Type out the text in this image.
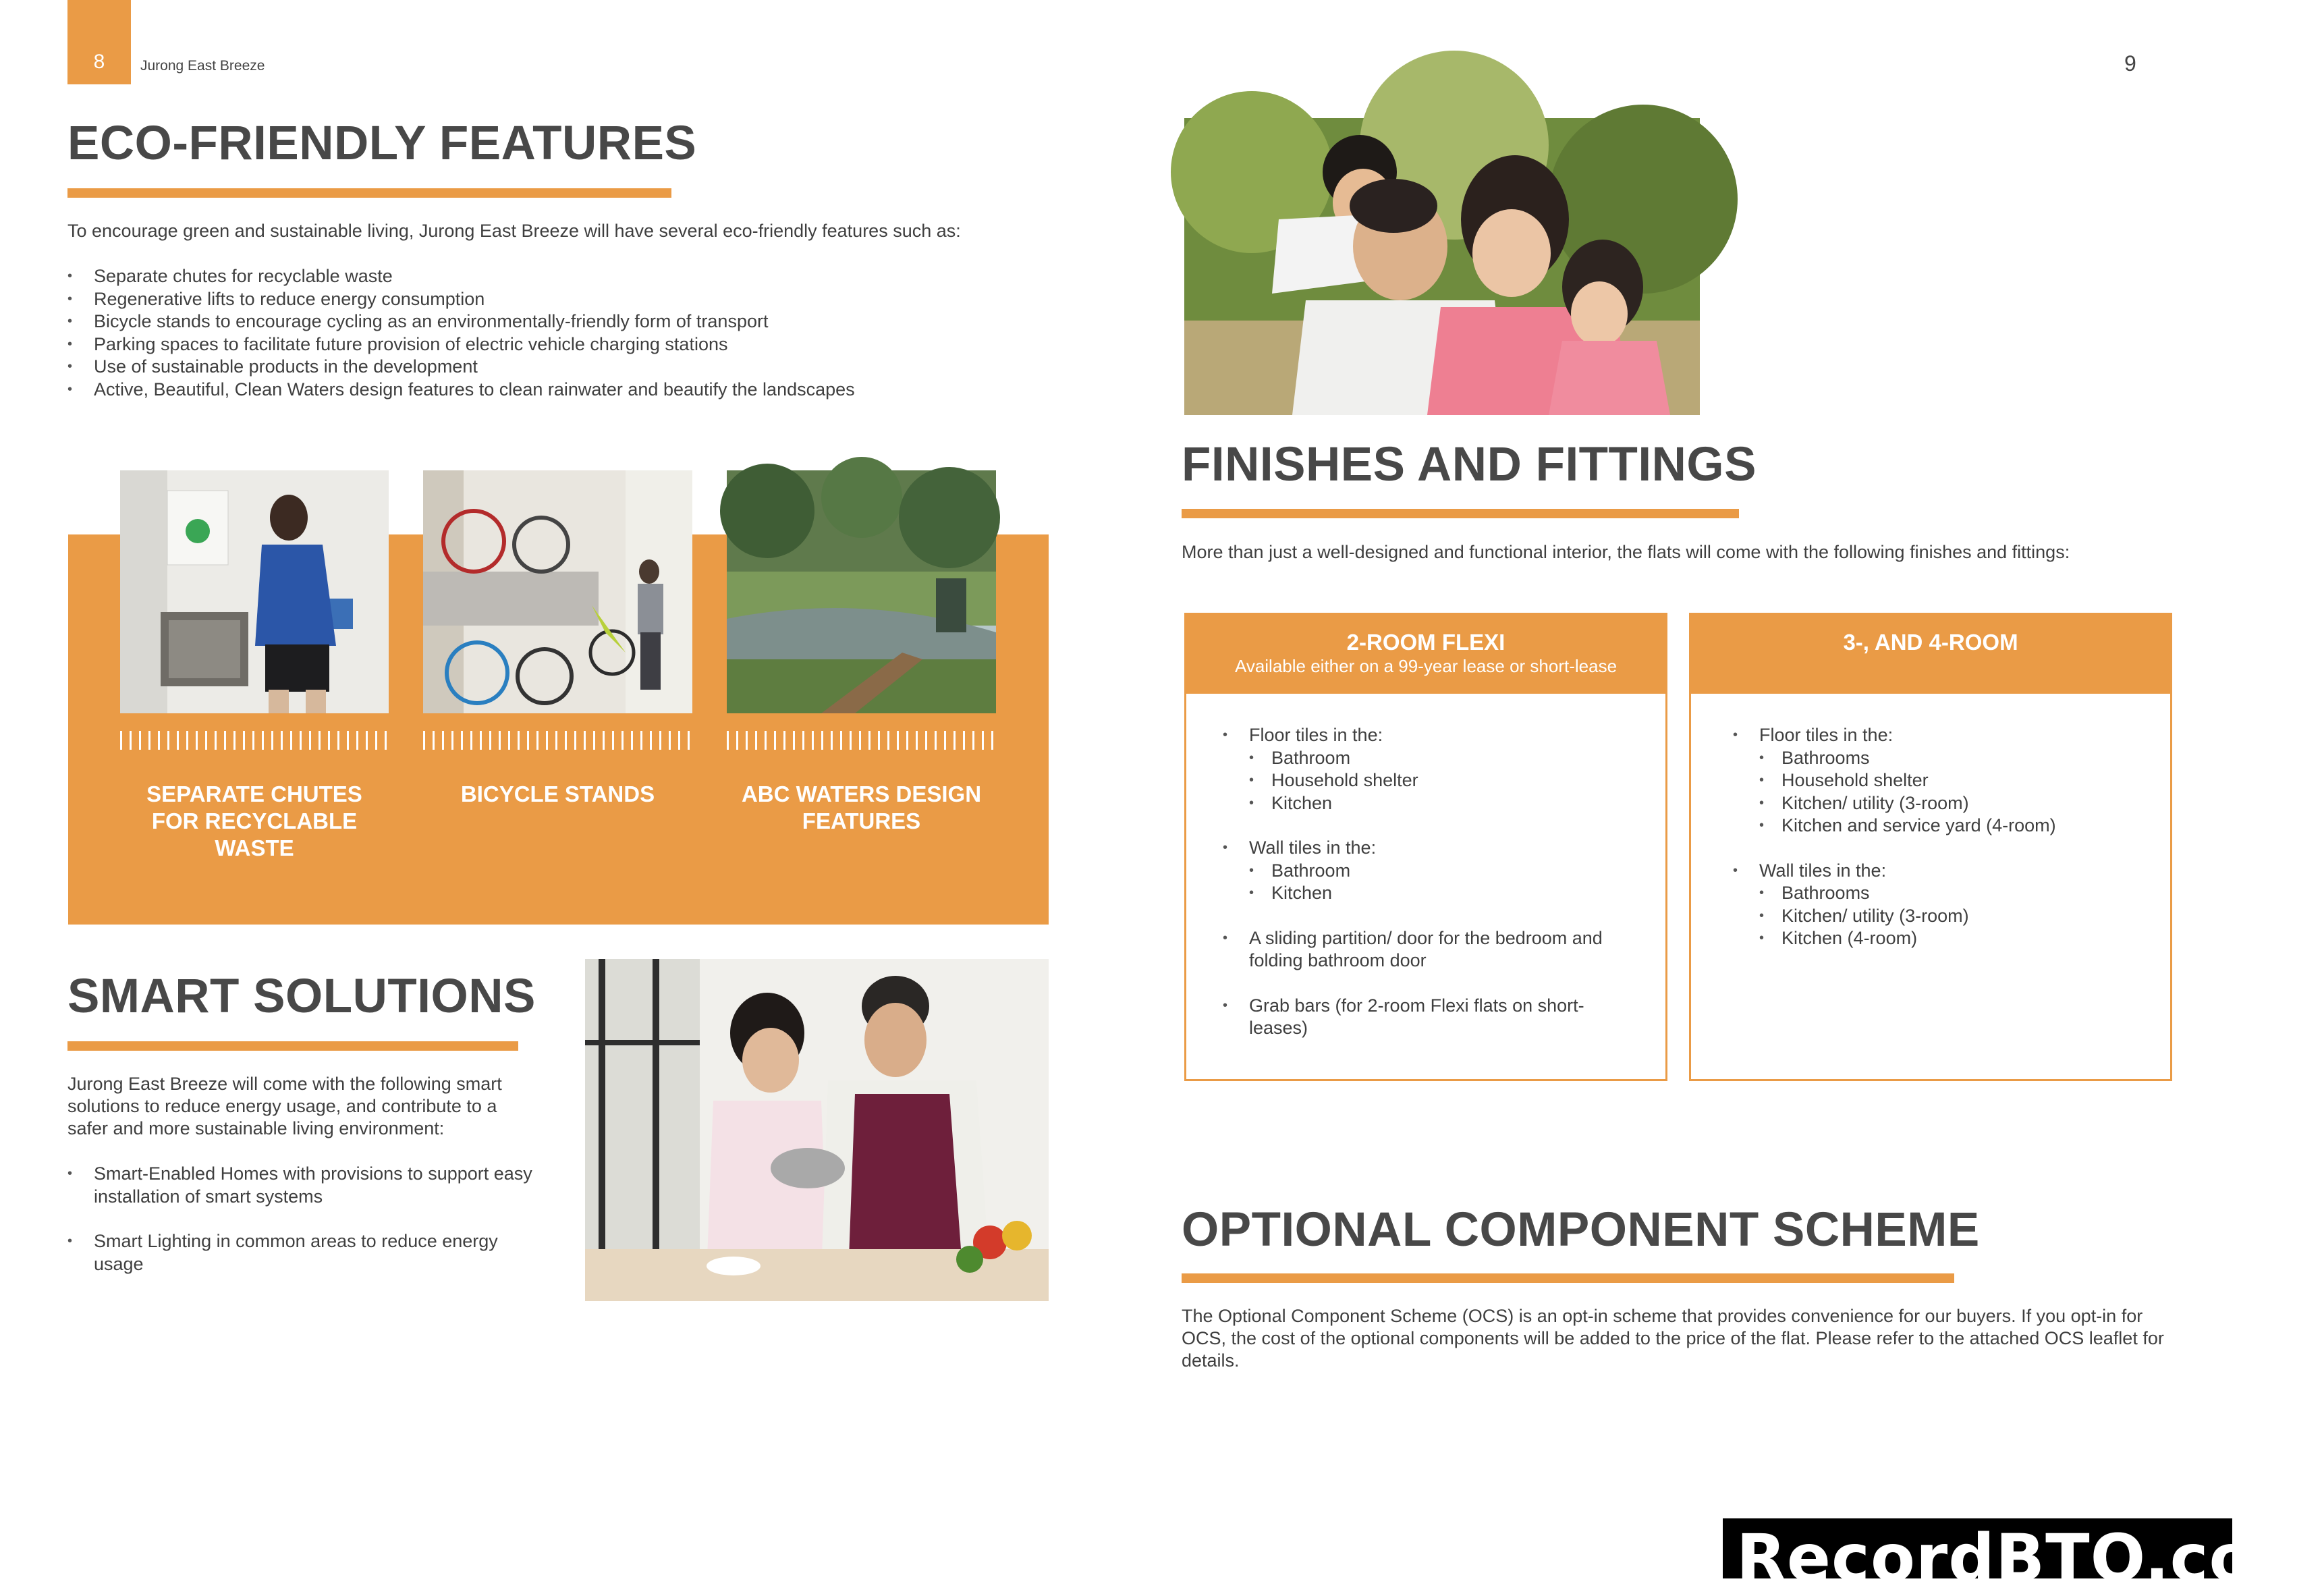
8	Jurong East Breeze	9
ECO-FRIENDLY FEATURES
To encourage green and sustainable living, Jurong East Breeze will have several eco-friendly features such as:
• Separate chutes for recyclable waste
• Regenerative lifts to reduce energy consumption
• Bicycle stands to encourage cycling as an environmentally-friendly form of transport
• Parking spaces to facilitate future provision of electric vehicle charging stations
• Use of sustainable products in the development
• Active, Beautiful, Clean Waters design features to clean rainwater and beautify the landscapes
SEPARATE CHUTES FOR RECYCLABLE WASTE
BICYCLE STANDS	ABC WATERS DESIGN FEATURES
SMART SOLUTIONS
Jurong East Breeze will come with the following smart solutions to reduce energy usage, and contribute to a safer and more sustainable living environment:
• Smart-Enabled Homes with provisions to support easy installation of smart systems
• Smart Lighting in common areas to reduce energy usage
FINISHES AND FITTINGS
More than just a well-designed and functional interior, the flats will come with the following finishes and fittings:
2-ROOM FLEXI
Available either on a 99-year lease or short-lease
• Floor tiles in the:
• Bathroom
• Household shelter
• Kitchen
• Wall tiles in the:
• Bathroom
• Kitchen
• A sliding partition/ door for the bedroom and folding bathroom door
• Grab bars (for 2-room Flexi flats on short-leases)
3-, AND 4-ROOM
• Floor tiles in the:
• Bathrooms
• Household shelter
• Kitchen/ utility (3-room)
• Kitchen and service yard (4-room)
• Wall tiles in the:
• Bathrooms
• Kitchen/ utility (3-room)
• Kitchen (4-room)
OPTIONAL COMPONENT SCHEME
The Optional Component Scheme (OCS) is an opt-in scheme that provides convenience for our buyers. If you opt-in for OCS, the cost of the optional components will be added to the price of the flat. Please refer to the attached OCS leaflet for details.
RecordBTO.com
